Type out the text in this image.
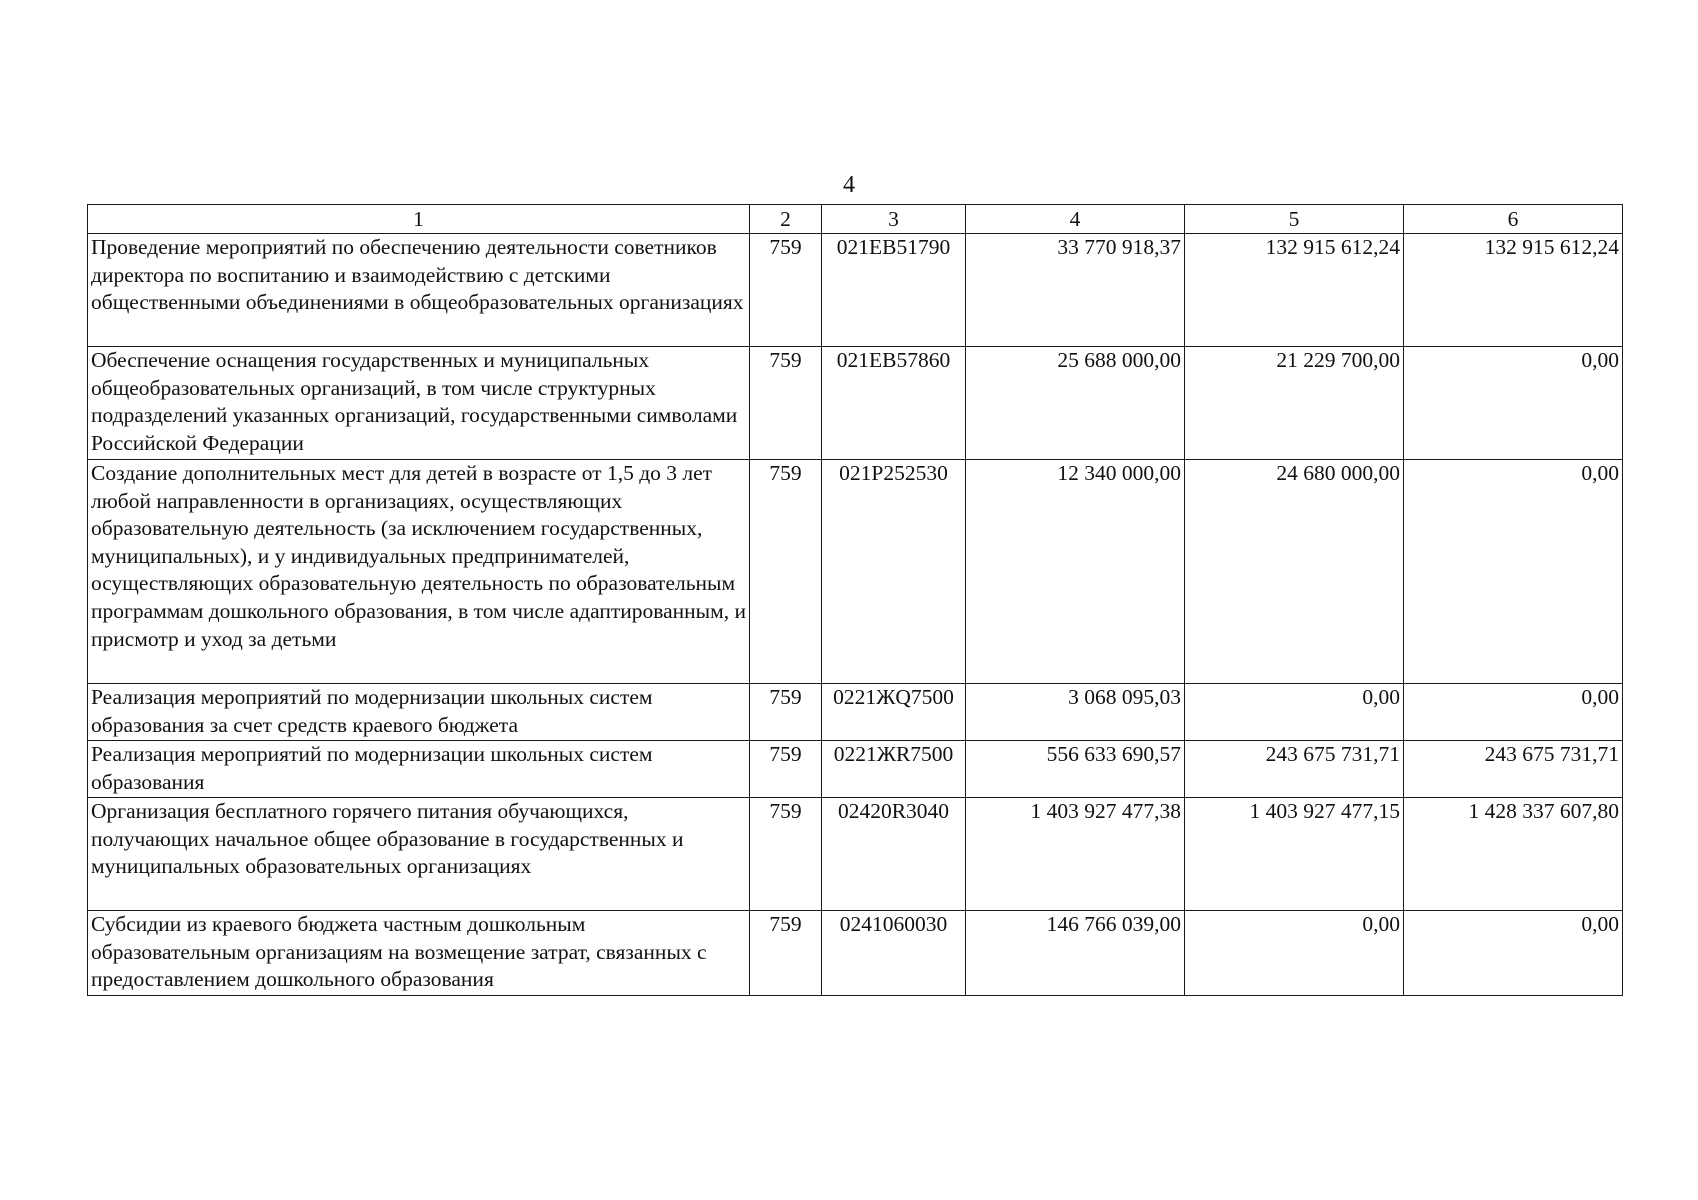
4
1	2	3	4	5	6
Проведение мероприятий по обеспечению деятельности советников директора по воспитанию и взаимодействию с детскими общественными объединениями в общеобразовательных организациях	759	021EB51790	33 770 918,37	132 915 612,24	132 915 612,24
Обеспечение оснащения государственных и муниципальных общеобразовательных организаций, в том числе структурных подразделений указанных организаций, государственными символами Российской Федерации	759	021EB57860	25 688 000,00	21 229 700,00	0,00
Создание дополнительных мест для детей в возрасте от 1,5 до 3 лет любой направленности в организациях, осуществляющих образовательную деятельность (за исключением государственных, муниципальных), и у индивидуальных предпринимателей, осуществляющих образовательную деятельность по образовательным программам дошкольного образования, в том числе адаптированным, и присмотр и уход за детьми	759	021P252530	12 340 000,00	24 680 000,00	0,00
Реализация мероприятий по модернизации школьных систем образования за счет средств краевого бюджета	759	0221ЖQ7500	3 068 095,03	0,00	0,00
Реализация мероприятий по модернизации школьных систем образования	759	0221ЖR7500	556 633 690,57	243 675 731,71	243 675 731,71
Организация бесплатного горячего питания обучающихся, получающих начальное общее образование в государственных и муниципальных образовательных организациях	759	02420R3040	1 403 927 477,38	1 403 927 477,15	1 428 337 607,80
Субсидии из краевого бюджета частным дошкольным образовательным организациям на возмещение затрат, связанных с предоставлением дошкольного образования	759	0241060030	146 766 039,00	0,00	0,00
